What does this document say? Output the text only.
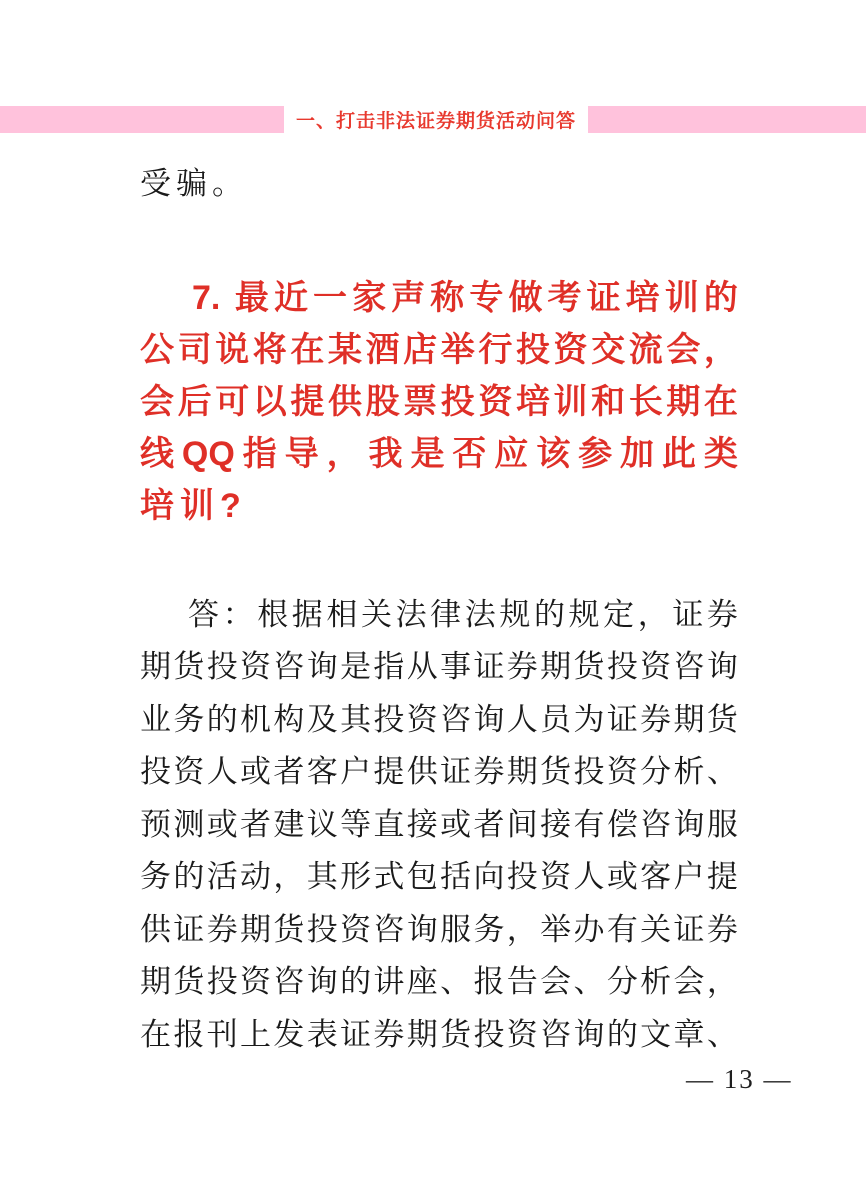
一、打击非法证券期货活动问答
受骗。
7. 最 近 一 家 声 称 专 做 考 证 培 训 的
公 司 说 将 在 某 酒 店 举 行 投 资 交 流 会 ，
会 后 可 以 提 供 股 票 投 资 培 训 和 长 期 在
线 QQ 指 导 ， 我 是 否 应 该 参 加 此 类
培训?
答 ： 根 据 相 关 法 律 法 规 的 规 定 ， 证 券
期 货 投 资 咨 询 是 指 从 事 证 券 期 货 投 资 咨 询
业 务 的 机 构 及 其 投 资 咨 询 人 员 为 证 券 期 货
投 资 人 或 者 客 户 提 供 证 券 期 货 投 资 分 析 、
预 测 或 者 建 议 等 直 接 或 者 间 接 有 偿 咨 询 服
务 的 活 动 ， 其 形 式 包 括 向 投 资 人 或 客 户 提
供 证 券 期 货 投 资 咨 询 服 务 ， 举 办 有 关 证 券
期 货 投 资 咨 询 的 讲 座 、 报 告 会 、 分 析 会 ，
在 报 刊 上 发 表 证 券 期 货 投 资 咨 询 的 文 章 、
— 13 —
